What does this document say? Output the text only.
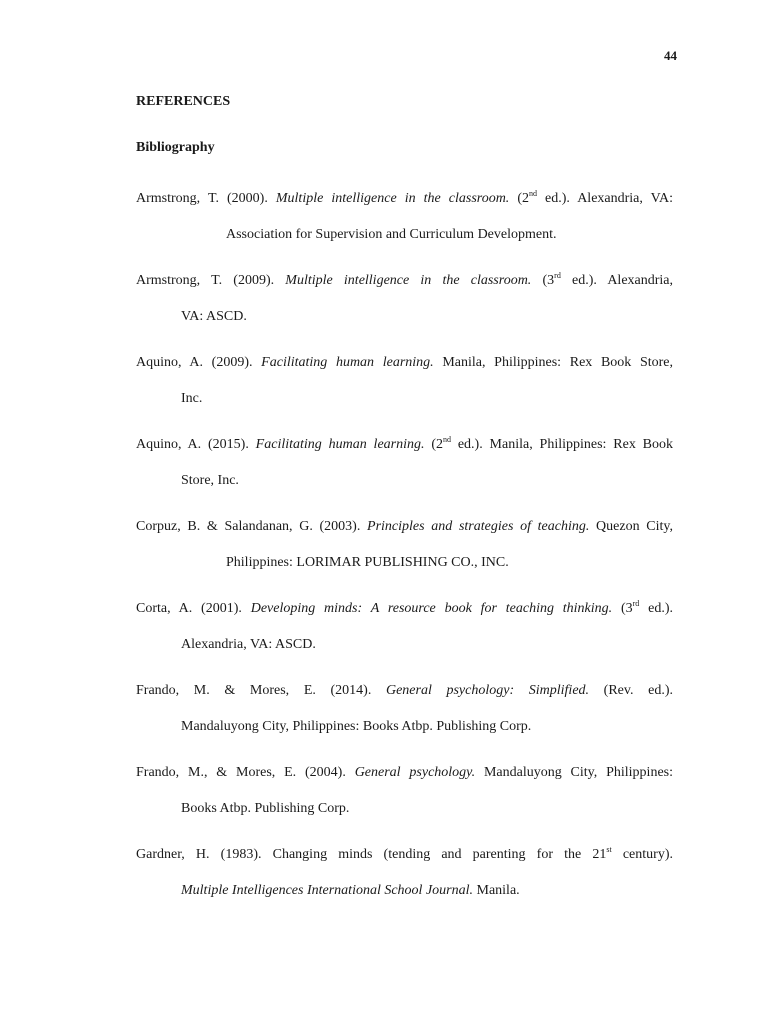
44
REFERENCES
Bibliography
Armstrong, T. (2000). Multiple intelligence in the classroom. (2nd ed.). Alexandria, VA:
Association for Supervision and Curriculum Development.
Armstrong, T. (2009). Multiple intelligence in the classroom. (3rd ed.). Alexandria,
VA: ASCD.
Aquino, A. (2009). Facilitating human learning. Manila, Philippines: Rex Book Store,
Inc.
Aquino, A. (2015). Facilitating human learning. (2nd ed.). Manila, Philippines: Rex Book
Store, Inc.
Corpuz, B. & Salandanan, G. (2003). Principles and strategies of teaching. Quezon City,
Philippines: LORIMAR PUBLISHING CO., INC.
Corta, A. (2001). Developing minds: A resource book for teaching thinking. (3rd ed.).
Alexandria, VA: ASCD.
Frando, M. & Mores, E. (2014). General psychology: Simplified. (Rev. ed.).
Mandaluyong City, Philippines: Books Atbp. Publishing Corp.
Frando, M., & Mores, E. (2004). General psychology. Mandaluyong City, Philippines:
Books Atbp. Publishing Corp.
Gardner, H. (1983). Changing minds (tending and parenting for the 21st century).
Multiple Intelligences International School Journal. Manila.
